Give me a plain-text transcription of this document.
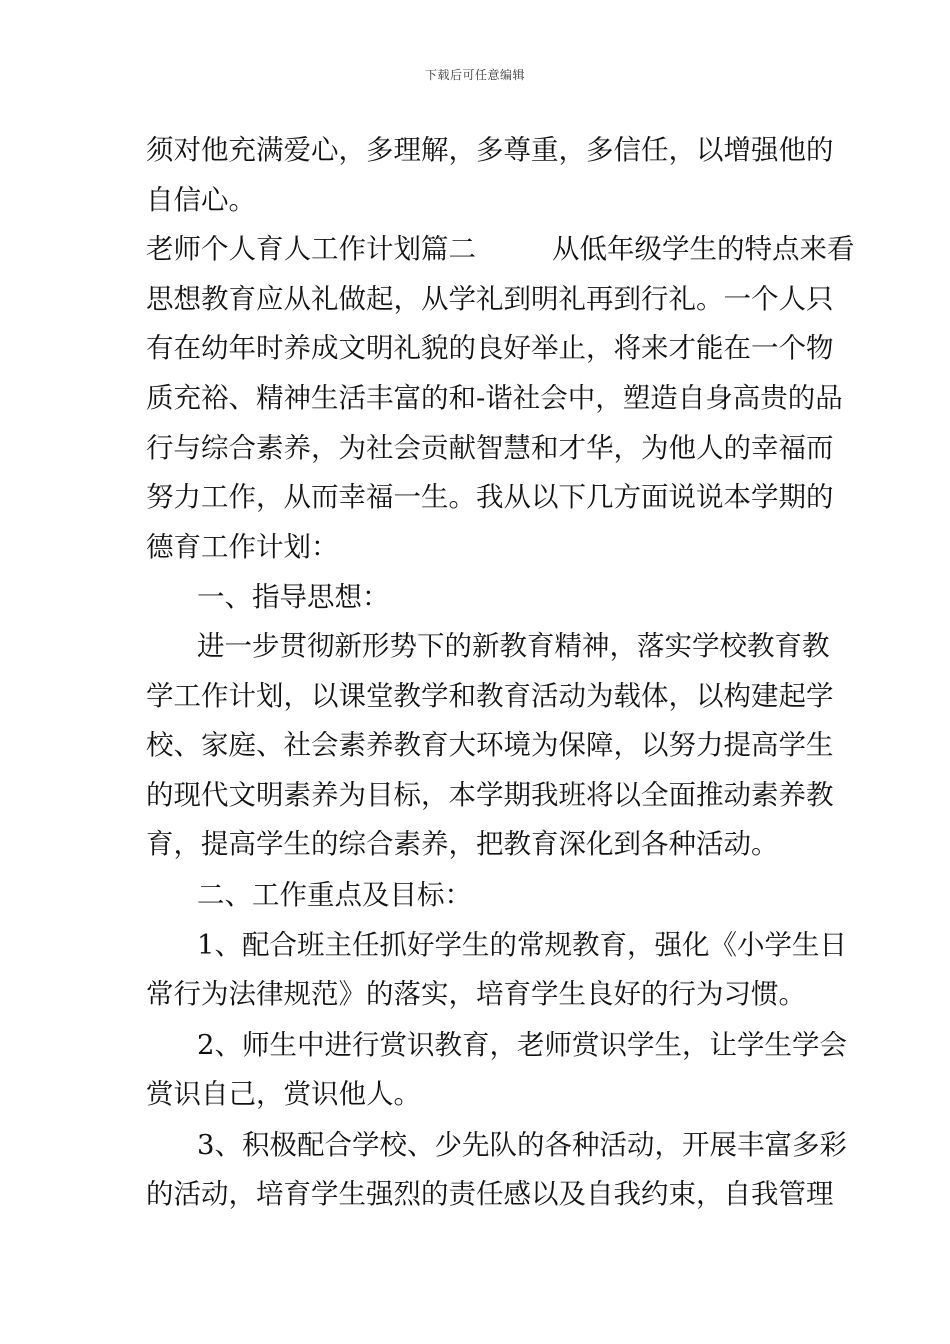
下载后可任意编辑
须对他充满爱心，多理解，多尊重，多信任，以增强他的
自信心。
老师个人育人工作计划篇二	从低年级学生的特点来看
思想教育应从礼做起，从学礼到明礼再到行礼。一个人只
有在幼年时养成文明礼貌的良好举止，将来才能在一个物
质充裕、精神生活丰富的和-谐社会中，塑造自身高贵的品
行与综合素养，为社会贡献智慧和才华，为他人的幸福而
努力工作，从而幸福一生。我从以下几方面说说本学期的
德育工作计划：
一、指导思想：
进一步贯彻新形势下的新教育精神，落实学校教育教
学工作计划，以课堂教学和教育活动为载体，以构建起学
校、家庭、社会素养教育大环境为保障，以努力提高学生
的现代文明素养为目标，本学期我班将以全面推动素养教
育，提高学生的综合素养，把教育深化到各种活动。
二、工作重点及目标：
1、配合班主任抓好学生的常规教育，强化《小学生日
常行为法律规范》的落实，培育学生良好的行为习惯。
2、师生中进行赏识教育，老师赏识学生，让学生学会
赏识自己，赏识他人。
3、积极配合学校、少先队的各种活动，开展丰富多彩
的活动，培育学生强烈的责任感以及自我约束，自我管理
